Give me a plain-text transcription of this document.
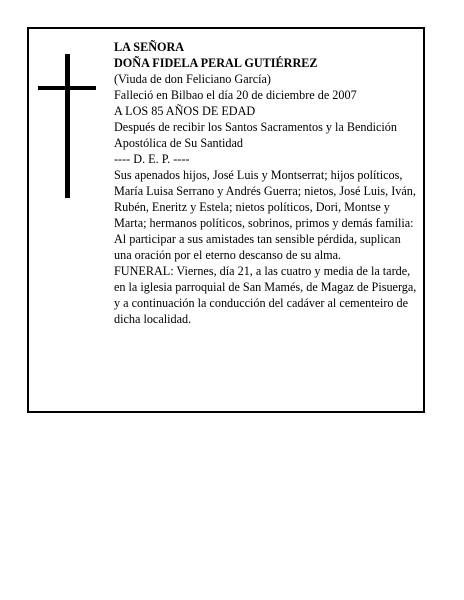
LA SEÑORA

DOÑA FIDELA PERAL GUTIÉRREZ

(Viuda de don Feliciano García)

Falleció en Bilbao el día 20 de diciembre de 2007

A LOS 85 AÑOS DE EDAD

Después de recibir los Santos Sacramentos y la Bendición Apostólica de Su Santidad

---- D. E. P. ----

Sus apenados hijos, José Luis y Montserrat; hijos políticos, María Luisa Serrano y Andrés Guerra; nietos, José Luis, Iván, Rubén, Eneritz y Estela; nietos políticos, Dori, Montse y Marta; hermanos políticos, sobrinos, primos y demás familia:

Al participar a sus amistades tan sensible pérdida, suplican una oración por el eterno descanso de su alma.

FUNERAL: Viernes, día 21, a las cuatro y media de la tarde, en la iglesia parroquial de San Mamés, de Magaz de Pisuerga, y a continuación la conducción del cadáver al cementeiro de dicha localidad.
